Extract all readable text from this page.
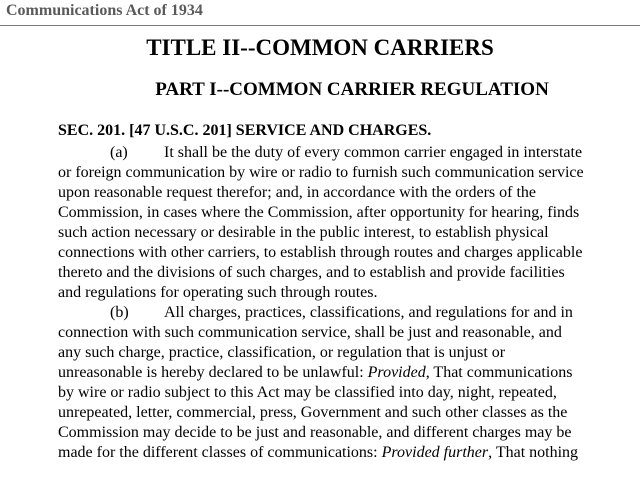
Communications Act of 1934
TITLE II--COMMON CARRIERS
PART I--COMMON CARRIER REGULATION
SEC. 201. [47 U.S.C. 201] SERVICE AND CHARGES.
(a) It shall be the duty of every common carrier engaged in interstate
or foreign communication by wire or radio to furnish such communication service
upon reasonable request therefor; and, in accordance with the orders of the
Commission, in cases where the Commission, after opportunity for hearing, finds
such action necessary or desirable in the public interest, to establish physical
connections with other carriers, to establish through routes and charges applicable
thereto and the divisions of such charges, and to establish and provide facilities
and regulations for operating such through routes.
(b) All charges, practices, classifications, and regulations for and in
connection with such communication service, shall be just and reasonable, and
any such charge, practice, classification, or regulation that is unjust or
unreasonable is hereby declared to be unlawful: Provided, That communications
by wire or radio subject to this Act may be classified into day, night, repeated,
unrepeated, letter, commercial, press, Government and such other classes as the
Commission may decide to be just and reasonable, and different charges may be
made for the different classes of communications: Provided further, That nothing
